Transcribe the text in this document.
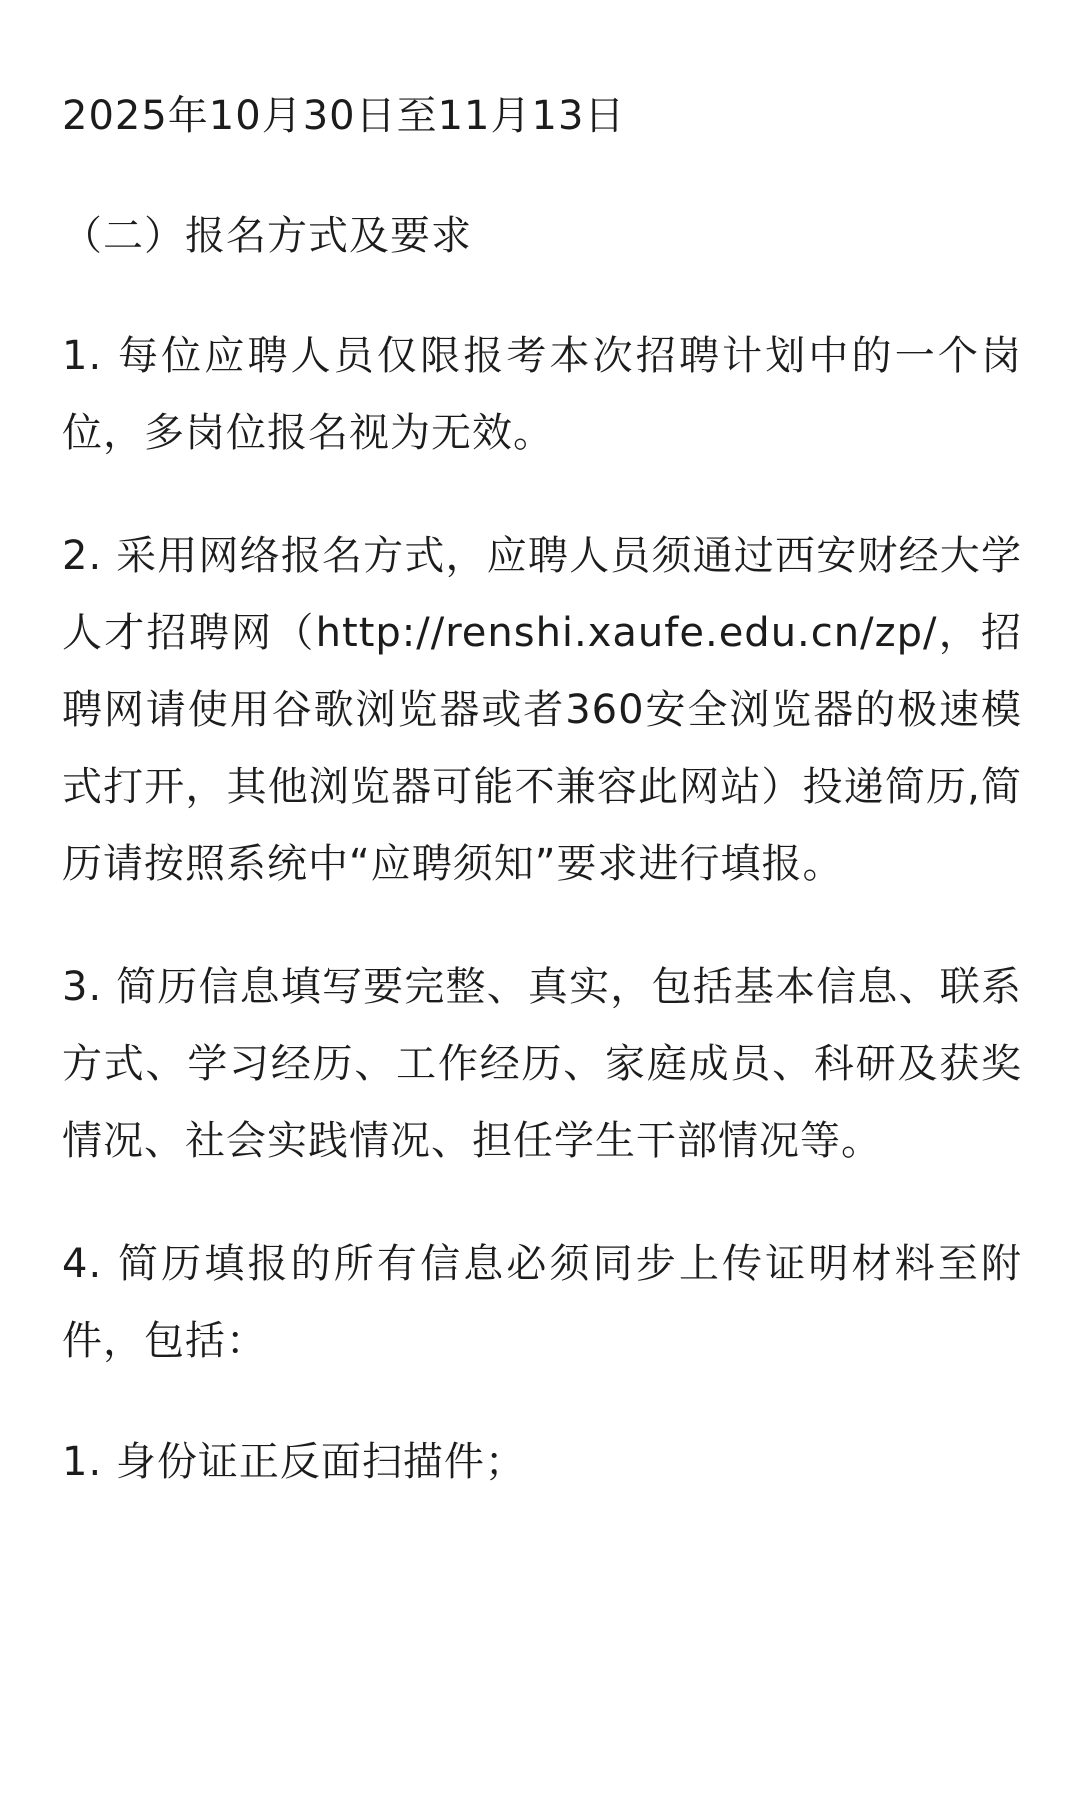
2025年10月30日至11月13日

（二）报名方式及要求

1. 每位应聘人员仅限报考本次招聘计划中的一个岗位，多岗位报名视为无效。

2. 采用网络报名方式，应聘人员须通过西安财经大学人才招聘网（http://renshi.xaufe.edu.cn/zp/，招聘网请使用谷歌浏览器或者360安全浏览器的极速模式打开，其他浏览器可能不兼容此网站）投递简历,简历请按照系统中“应聘须知”要求进行填报。

3. 简历信息填写要完整、真实，包括基本信息、联系方式、学习经历、工作经历、家庭成员、科研及获奖情况、社会实践情况、担任学生干部情况等。

4. 简历填报的所有信息必须同步上传证明材料至附件，包括：

1. 身份证正反面扫描件；
